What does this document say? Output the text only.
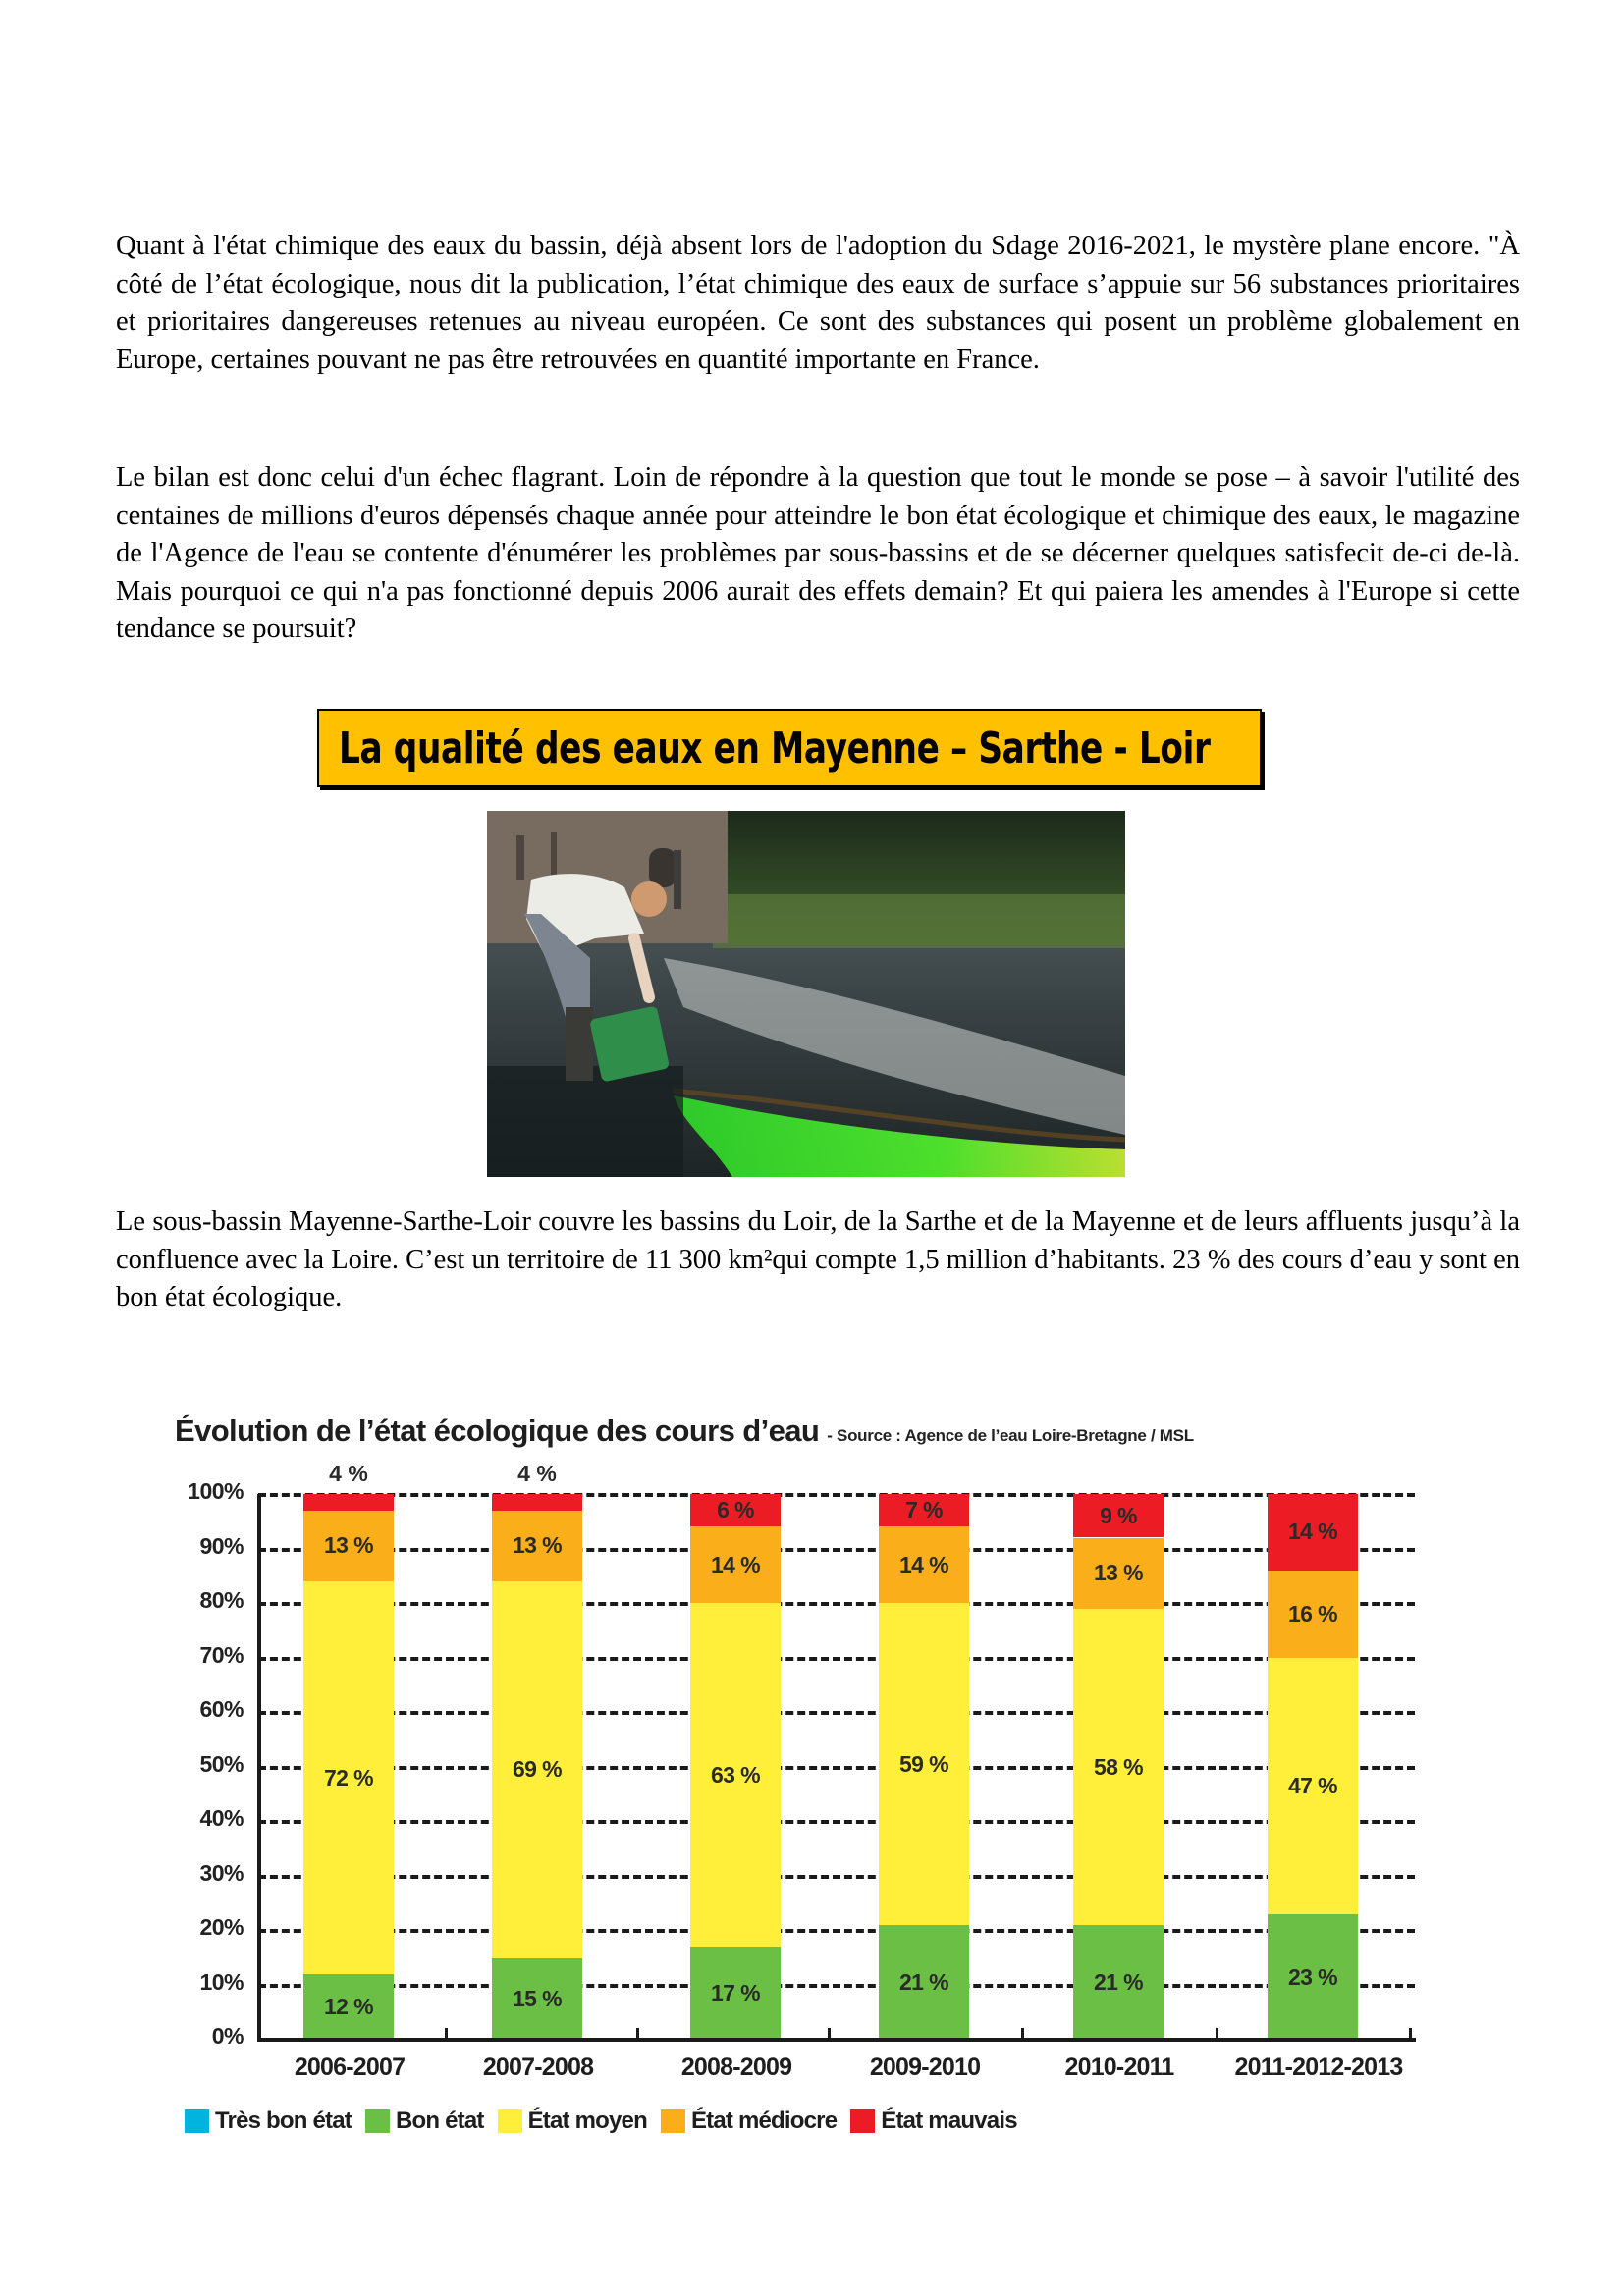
Quant à l'état chimique des eaux du bassin, déjà absent lors de l'adoption du Sdage 2016-2021, le mystère plane encore. "À côté de l’état écologique, nous dit la publication, l’état chimique des eaux de surface s’appuie sur 56 substances prioritaires et prioritaires dangereuses retenues au niveau européen. Ce sont des substances qui posent un problème globalement en Europe, certaines pouvant ne pas être retrouvées en quantité importante en France.

Le bilan est donc celui d'un échec flagrant. Loin de répondre à la question que tout le monde se pose – à savoir l'utilité des centaines de millions d'euros dépensés chaque année pour atteindre le bon état écologique et chimique des eaux, le magazine de l'Agence de l'eau se contente d'énumérer les problèmes par sous-bassins et de se décerner quelques satisfecit de-ci de-là. Mais pourquoi ce qui n'a pas fonctionné depuis 2006 aurait des effets demain? Et qui paiera les amendes à l'Europe si cette tendance se poursuit?

La qualité des eaux en Mayenne – Sarthe - Loir

Le sous-bassin Mayenne-Sarthe-Loir couvre les bassins du Loir, de la Sarthe et de la Mayenne et de leurs affluents jusqu’à la confluence avec la Loire. C’est un territoire de 11 300 km²qui compte 1,5 million d’habitants. 23 % des cours d’eau y sont en bon état écologique.

Évolution de l’état écologique des cours d’eau - Source : Agence de l’eau Loire-Bretagne / MSL
100%
90%
80%
70%
60%
50%
40%
30%
20%
10%
0%
4 %
12 %
72 %
13 %
4 %
15 %
69 %
13 %
17 %
63 %
14 %
6 %
21 %
59 %
14 %
7 %
21 %
58 %
13 %
9 %
23 %
47 %
16 %
14 %
2006-2007	2007-2008	2008-2009	2009-2010	2010-2011	2011-2012-2013
Très bon état Bon état État moyen État médiocre État mauvais
